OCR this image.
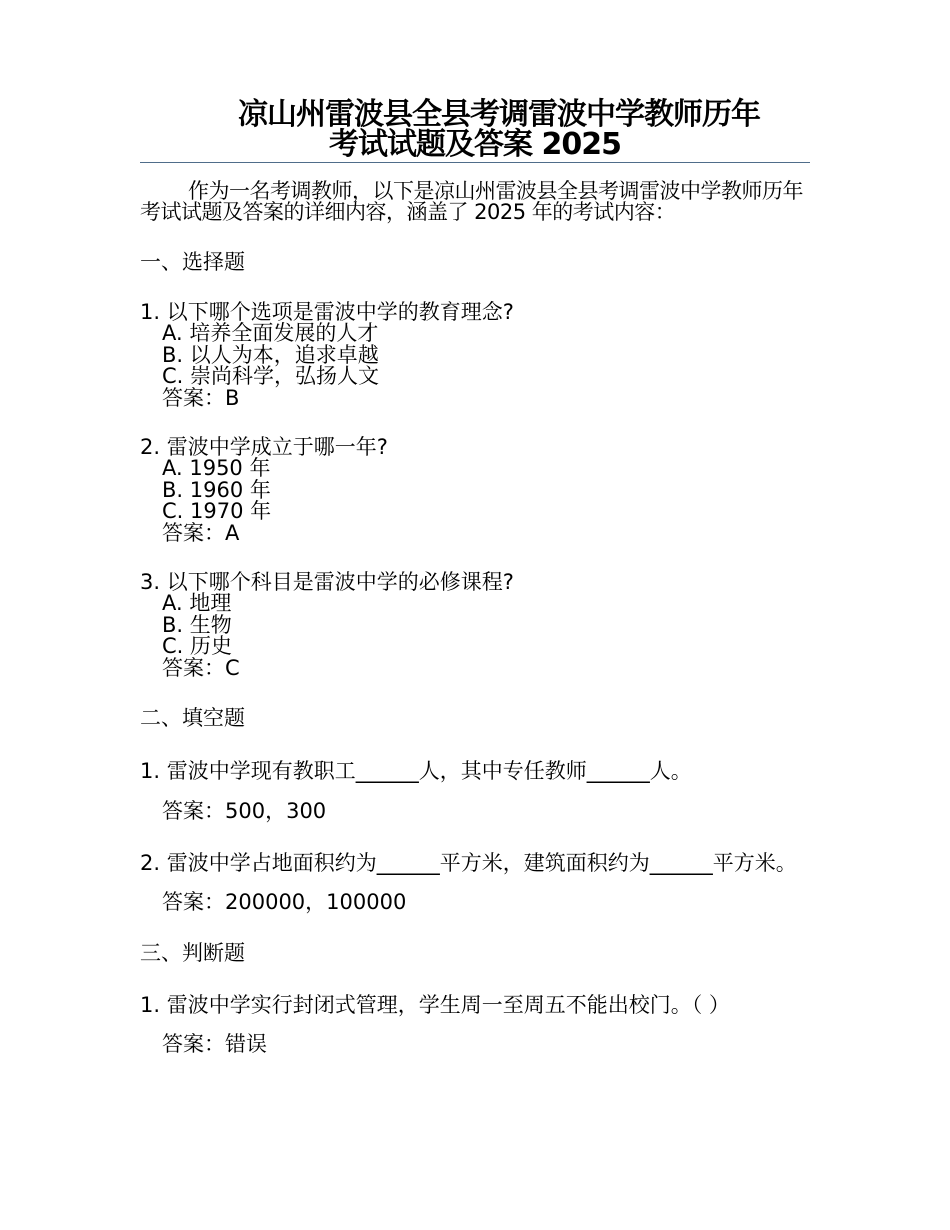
凉山州雷波县全县考调雷波中学教师历年
考试试题及答案 2025

作为一名考调教师，以下是凉山州雷波县全县考调雷波中学教师历年考试试题及答案的详细内容，涵盖了 2025 年的考试内容：

一、选择题
1. 以下哪个选项是雷波中学的教育理念?
A. 培养全面发展的人才
B. 以人为本，追求卓越
C. 崇尚科学，弘扬人文
答案：B
2. 雷波中学成立于哪一年?
A. 1950 年
B. 1960 年
C. 1970 年
答案：A
3. 以下哪个科目是雷波中学的必修课程?
A. 地理
B. 生物
C. 历史
答案：C
二、填空题
1. 雷波中学现有教职工______人，其中专任教师______人。
答案：500，300
2. 雷波中学占地面积约为______平方米，建筑面积约为______平方米。
答案：200000，100000
三、判断题
1. 雷波中学实行封闭式管理，学生周一至周五不能出校门。（ ）
答案：错误
